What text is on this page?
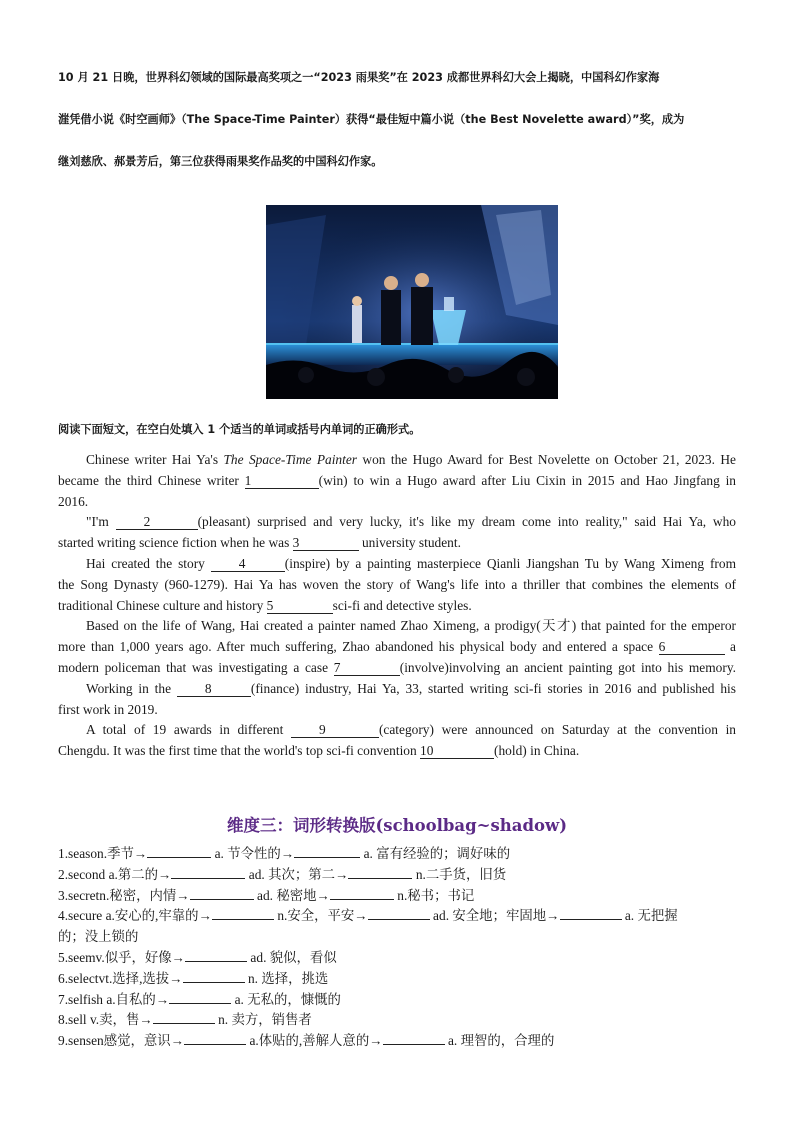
10 月 21 日晚，世界科幻领域的国际最高奖项之一“2023 雨果奖”在 2023 成都世界科幻大会上揭晓，中国科幻作家海
漄凭借小说《时空画师》（The Space-Time Painter）获得“最佳短中篇小说（the Best Novelette award）”奖，成为
继刘慈欣、郝景芳后，第三位获得雨果奖作品奖的中国科幻作家。
阅读下面短文，在空白处填入 1 个适当的单词或括号内单词的正确形式。

Chinese writer Hai Ya's The Space-Time Painter won the Hugo Award for Best Novelette on October 21, 2023. He
became the third Chinese writer 1	(win) to win a Hugo award after Liu Cixin in 2015 and Hao Jingfang in
2016.

"I'm 2	(pleasant) surprised and very lucky, it's like my dream come into reality," said Hai Ya, who
started writing science fiction when he was 3	university student.

Hai created the story 4	(inspire) by a painting masterpiece Qianli Jiangshan Tu by Wang Ximeng from
the Song Dynasty (960-1279). Hai Ya has woven the story of Wang's life into a thriller that combines the elements of
traditional Chinese culture and history 5	sci-fi and detective styles.

Based on the life of Wang, Hai created a painter named Zhao Ximeng, a prodigy(天才) that painted for the emperor
more than 1,000 years ago. After much suffering, Zhao abandoned his physical body and entered a space 6	a
modern policeman that was investigating a case 7	(involve)involving an ancient painting got into his memory.

Working in the 8	(finance) industry, Hai Ya, 33, started writing sci-fi stories in 2016 and published his
first work in 2019.

A total of 19 awards in different 9	(category) were announced on Saturday at the convention in
Chengdu. It was the first time that the world's top sci-fi convention 10	(hold) in China.

维度三：词形转换版(schoolbag~shadow)
1.season.季节→	a. 节令性的→	a. 富有经验的；调好味的
2.second a.第二的→	ad. 其次；第二→	n.二手货，旧货
3.secretn.秘密，内情→	ad. 秘密地→	n.秘书；书记
4.secure a.安心的,牢靠的→	n.安全，平安→	ad. 安全地；牢固地→	a. 无把握
的；没上锁的
5.seemv.似乎，好像→	ad. 貌似，看似
6.selectvt.选择,选拔→	n. 选择，挑选
7.selfish a.自私的→	a. 无私的，慷慨的
8.sell v.卖，售→	n. 卖方，销售者
9.sensen感觉，意识→	a.体贴的,善解人意的→	a. 理智的，合理的
